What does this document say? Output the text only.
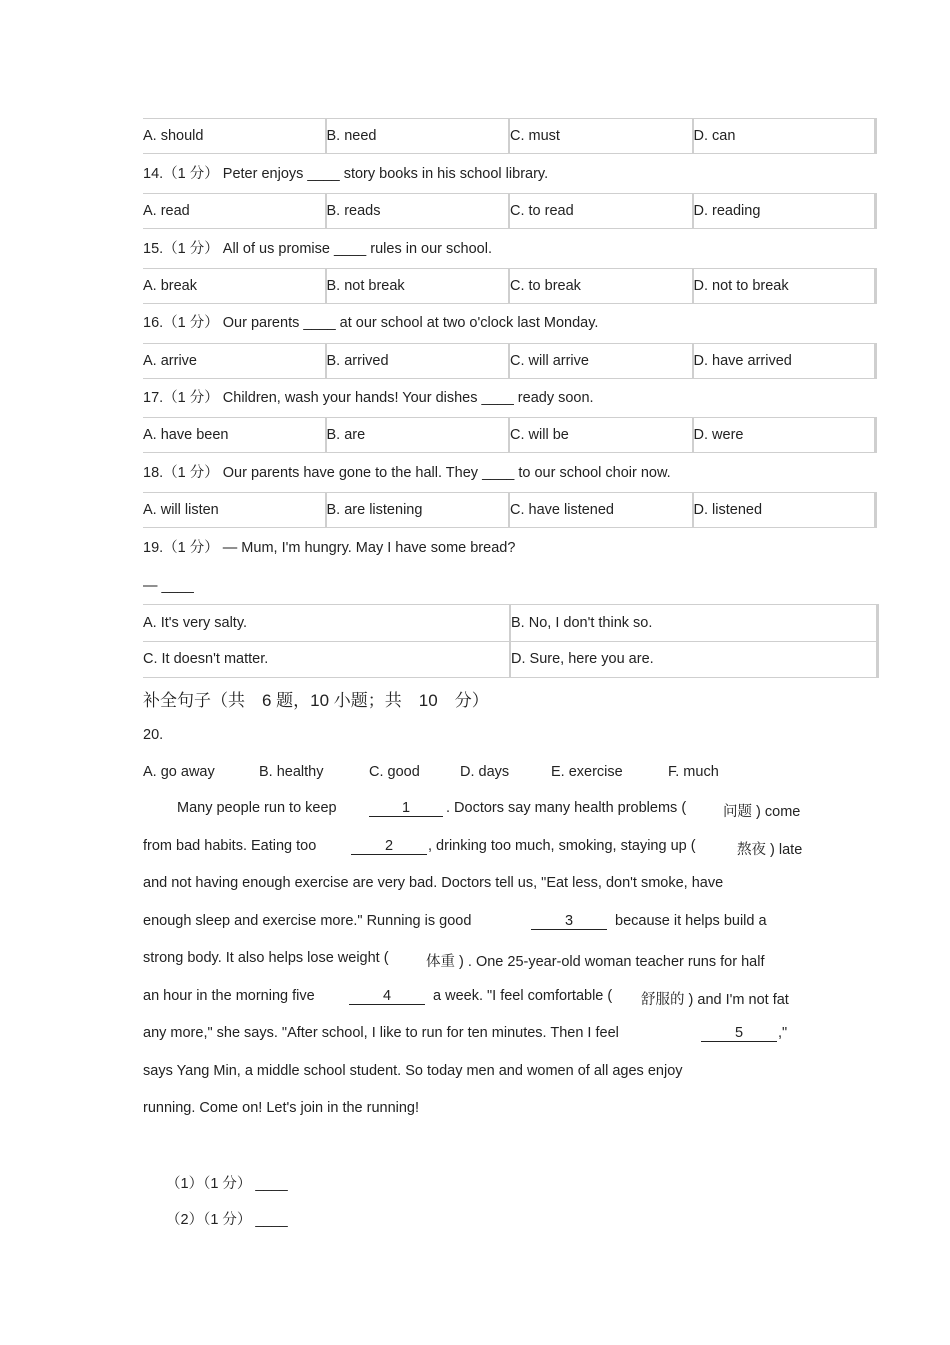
A. should	B. need	C. must	D. can
14.（1 分） Peter enjoys ____ story books in his school library.
A. read	B. reads	C. to read	D. reading
15.（1 分） All of us promise ____ rules in our school.
A. break	B. not break	C. to break	D. not to break
16.（1 分） Our parents ____ at our school at two o'clock last Monday.
A. arrive	B. arrived	C. will arrive	D. have arrived
17.（1 分） Children, wash your hands! Your dishes ____ ready soon.
A. have been	B. are	C. will be	D. were
18.（1 分） Our parents have gone to the hall. They ____ to our school choir now.
A. will listen	B. are listening	C. have listened	D. listened
19.（1 分） — Mum, I'm hungry. May I have some bread?
— ____
A. It's very salty.	B. No, I don't think so.
C. It doesn't matter.	D. Sure, here you are.
补全句子（共　6 题，10 小题；共　10　分）
20.
A. go away	B. healthy	C. good	D. days	E. exercise	F. much
Many people run to keep	1	. Doctors say many health problems (	问题 ) come
from bad habits. Eating too	2	, drinking too much, smoking, staying up (	熬夜 ) late
and not having enough exercise are very bad. Doctors tell us, "Eat less, don't smoke, have
enough sleep and exercise more." Running is good	3	because it helps build a
strong body. It also helps lose weight (	体重 ) . One 25-year-old woman teacher runs for half
an hour in the morning five	4	a week. "I feel comfortable ( 舒服的 ) and I'm not fat
any more," she says. "After school, I like to run for ten minutes. Then I feel	5	,"
says Yang Min, a middle school student. So today men and women of all ages enjoy
running. Come on! Let's join in the running!
（1）（1 分） ____
（2）（1 分） ____
